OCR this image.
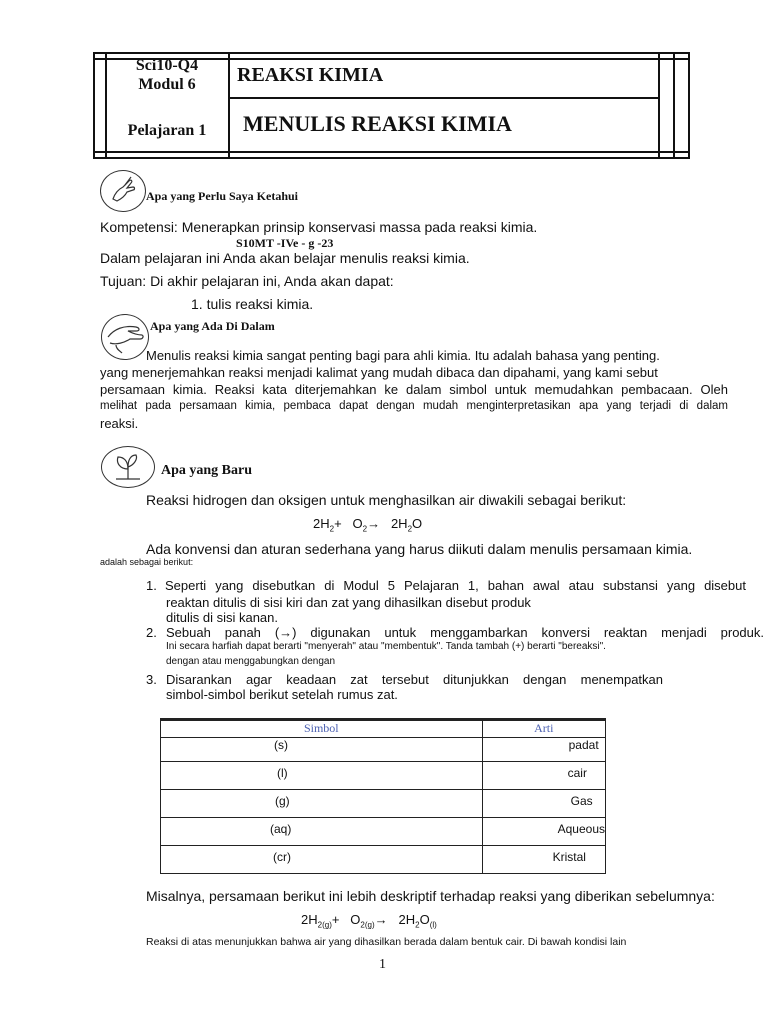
Sci10-Q4
Modul 6
Pelajaran 1
REAKSI KIMIA
MENULIS REAKSI KIMIA
Apa yang Perlu Saya Ketahui
Kompetensi: Menerapkan prinsip konservasi massa pada reaksi kimia.
S10MT -IVe - g -23
Dalam pelajaran ini Anda akan belajar menulis reaksi kimia.
Tujuan: Di akhir pelajaran ini, Anda akan dapat:
1. tulis reaksi kimia.
Apa yang Ada Di Dalam
Menulis reaksi kimia sangat penting bagi para ahli kimia. Itu adalah bahasa yang penting.
yang menerjemahkan reaksi menjadi kalimat yang mudah dibaca dan dipahami, yang kami sebut
persamaan kimia. Reaksi kata diterjemahkan ke dalam simbol untuk memudahkan pembacaan. Oleh
melihat pada persamaan kimia, pembaca dapat dengan mudah menginterpretasikan apa yang terjadi di dalam
reaksi.
Apa yang Baru
Reaksi hidrogen dan oksigen untuk menghasilkan air diwakili sebagai berikut:
$2H_2+ O_2\to 2H_2O$
Ada konvensi dan aturan sederhana yang harus diikuti dalam menulis persamaan kimia.
adalah sebagai berikut:
1. Seperti yang disebutkan di Modul 5 Pelajaran 1, bahan awal atau substansi yang disebut
reaktan ditulis di sisi kiri dan zat yang dihasilkan disebut produk
ditulis di sisi kanan.
2. Sebuah panah (→) digunakan untuk menggambarkan konversi reaktan menjadi produk.
Ini secara harfiah dapat berarti "menyerah" atau "membentuk". Tanda tambah (+) berarti "bereaksi".
dengan atau menggabungkan dengan
3. Disarankan agar keadaan zat tersebut ditunjukkan dengan menempatkan
simbol-simbol berikut setelah rumus zat.
Simbol	Arti
(s)	padat
(l)	cair
(g)	Gas
(aq)	Aqueous
(cr)	Kristal
Misalnya, persamaan berikut ini lebih deskriptif terhadap reaksi yang diberikan sebelumnya:
$2H_{2(g)}+ O_{2(g)}\to 2H_2O_{(l)}$
Reaksi di atas menunjukkan bahwa air yang dihasilkan berada dalam bentuk cair. Di bawah kondisi lain
1
